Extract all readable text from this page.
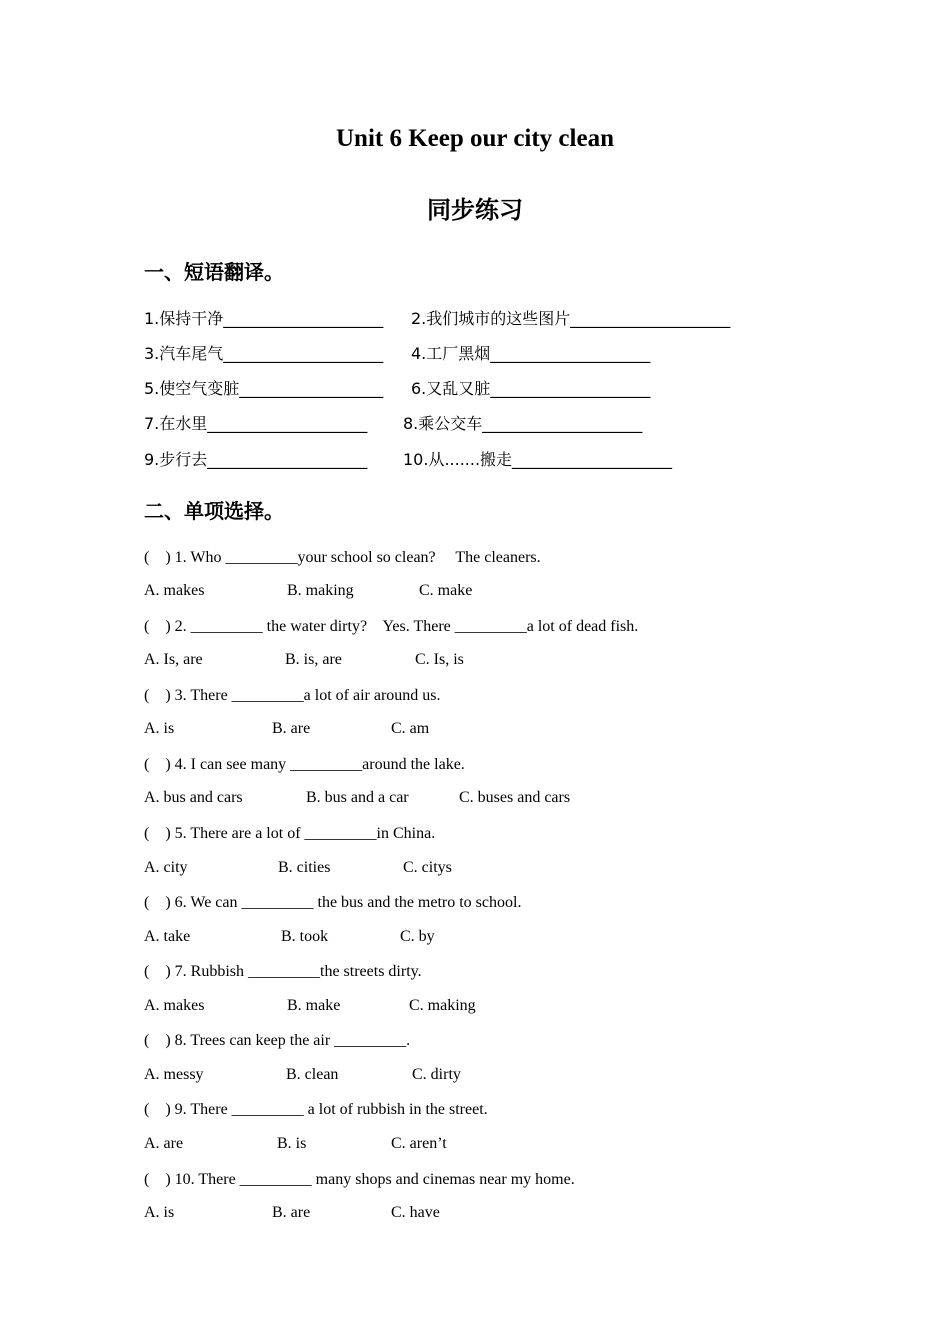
Unit 6 Keep our city clean
同步练习
一、短语翻译。
1.保持干净____________________ 2.我们城市的这些图片____________________
3.汽车尾气____________________ 4.工厂黑烟____________________
5.使空气变脏__________________ 6.又乱又脏____________________
7.在水里____________________ 8.乘公交车____________________
9.步行去____________________ 10.从.......搬走____________________
二、单项选择。
(    ) 1. Who _________your school so clean?     The cleaners.
A. makes	B. making	C. make
(    ) 2. _________ the water dirty?    Yes. There _________a lot of dead fish.
A. Is, are	B. is, are	C. Is, is
(    ) 3. There _________a lot of air around us.
A. is	B. are	C. am
(    ) 4. I can see many _________around the lake.
A. bus and cars	B. bus and a car	C. buses and cars
(    ) 5. There are a lot of _________in China.
A. city	B. cities	C. citys
(    ) 6. We can _________ the bus and the metro to school.
A. take	B. took	C. by
(    ) 7. Rubbish _________the streets dirty.
A. makes	B. make	C. making
(    ) 8. Trees can keep the air _________.
A. messy	B. clean	C. dirty
(    ) 9. There _________ a lot of rubbish in the street.
A. are	B. is	C. aren’t
(    ) 10. There _________ many shops and cinemas near my home.
A. is	B. are	C. have
